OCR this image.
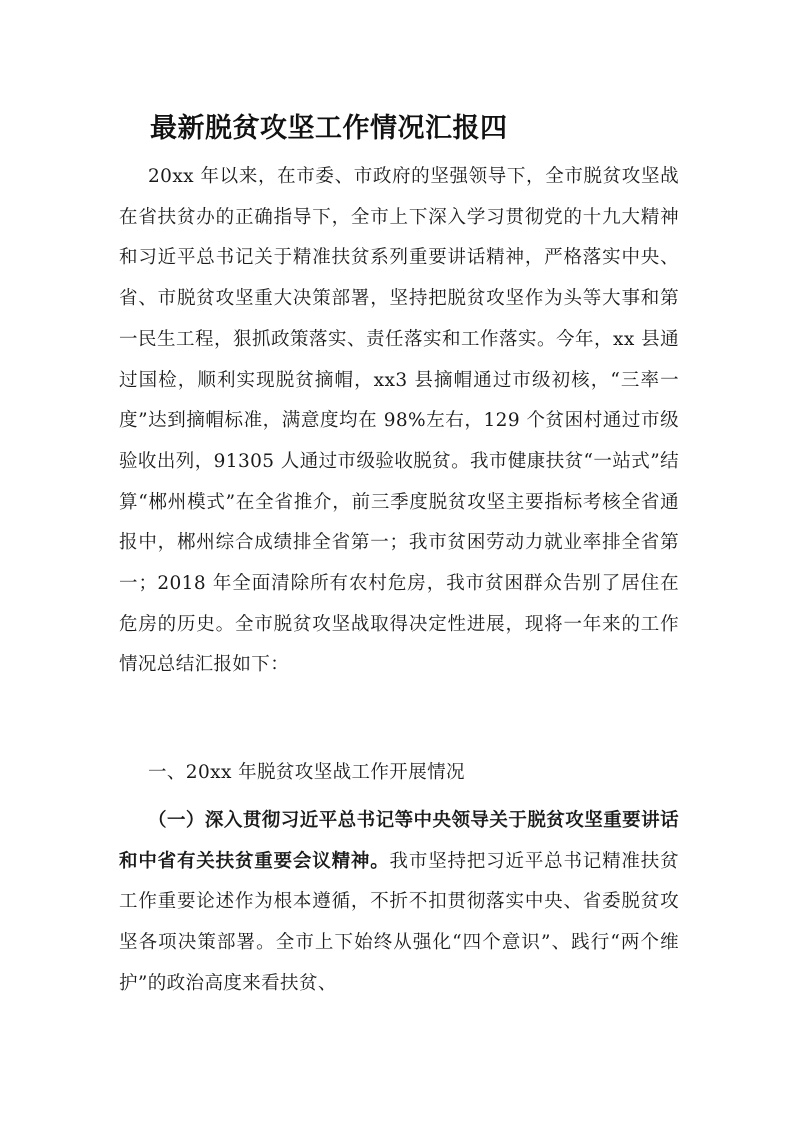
最新脱贫攻坚工作情况汇报四
20xx 年以来，在市委、市政府的坚强领导下，全市脱贫攻坚战在省扶贫办的正确指导下，全市上下深入学习贯彻党的十九大精神和习近平总书记关于精准扶贫系列重要讲话精神，严格落实中央、省、市脱贫攻坚重大决策部署，坚持把脱贫攻坚作为头等大事和第一民生工程，狠抓政策落实、责任落实和工作落实。今年，xx 县通过国检，顺利实现脱贫摘帽，xx3 县摘帽通过市级初核，“三率一度”达到摘帽标准，满意度均在 98%左右，129 个贫困村通过市级验收出列，91305 人通过市级验收脱贫。我市健康扶贫“一站式”结算“郴州模式”在全省推介，前三季度脱贫攻坚主要指标考核全省通报中，郴州综合成绩排全省第一；我市贫困劳动力就业率排全省第一；2018 年全面清除所有农村危房，我市贫困群众告别了居住在危房的历史。全市脱贫攻坚战取得决定性进展，现将一年来的工作情况总结汇报如下：
一、20xx 年脱贫攻坚战工作开展情况
（一）深入贯彻习近平总书记等中央领导关于脱贫攻坚重要讲话和中省有关扶贫重要会议精神。我市坚持把习近平总书记精准扶贫工作重要论述作为根本遵循，不折不扣贯彻落实中央、省委脱贫攻坚各项决策部署。全市上下始终从强化“四个意识”、践行“两个维护”的政治高度来看扶贫、
